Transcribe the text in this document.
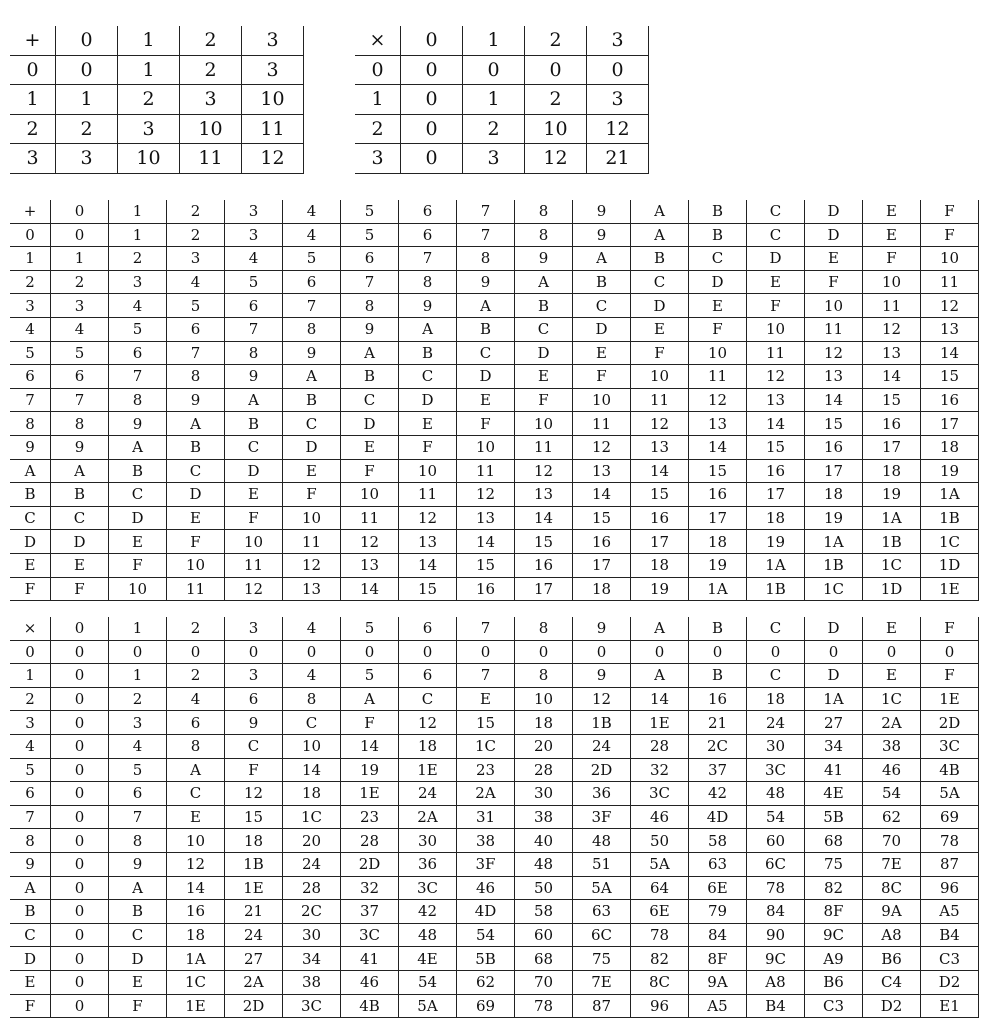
+	0	1	2	3
0	0	1	2	3
1	1	2	3	10
2	2	3	10	11
3	3	10	11	12
×	0	1	2	3
0	0	0	0	0
1	0	1	2	3
2	0	2	10	12
3	0	3	12	21
+	0	1	2	3	4	5	6	7	8	9	A	B	C	D	E	F
0	0	1	2	3	4	5	6	7	8	9	A	B	C	D	E	F
1	1	2	3	4	5	6	7	8	9	A	B	C	D	E	F	10
2	2	3	4	5	6	7	8	9	A	B	C	D	E	F	10	11
3	3	4	5	6	7	8	9	A	B	C	D	E	F	10	11	12
4	4	5	6	7	8	9	A	B	C	D	E	F	10	11	12	13
5	5	6	7	8	9	A	B	C	D	E	F	10	11	12	13	14
6	6	7	8	9	A	B	C	D	E	F	10	11	12	13	14	15
7	7	8	9	A	B	C	D	E	F	10	11	12	13	14	15	16
8	8	9	A	B	C	D	E	F	10	11	12	13	14	15	16	17
9	9	A	B	C	D	E	F	10	11	12	13	14	15	16	17	18
A	A	B	C	D	E	F	10	11	12	13	14	15	16	17	18	19
B	B	C	D	E	F	10	11	12	13	14	15	16	17	18	19	1A
C	C	D	E	F	10	11	12	13	14	15	16	17	18	19	1A	1B
D	D	E	F	10	11	12	13	14	15	16	17	18	19	1A	1B	1C
E	E	F	10	11	12	13	14	15	16	17	18	19	1A	1B	1C	1D
F	F	10	11	12	13	14	15	16	17	18	19	1A	1B	1C	1D	1E
×	0	1	2	3	4	5	6	7	8	9	A	B	C	D	E	F
0	0	0	0	0	0	0	0	0	0	0	0	0	0	0	0	0
1	0	1	2	3	4	5	6	7	8	9	A	B	C	D	E	F
2	0	2	4	6	8	A	C	E	10	12	14	16	18	1A	1C	1E
3	0	3	6	9	C	F	12	15	18	1B	1E	21	24	27	2A	2D
4	0	4	8	C	10	14	18	1C	20	24	28	2C	30	34	38	3C
5	0	5	A	F	14	19	1E	23	28	2D	32	37	3C	41	46	4B
6	0	6	C	12	18	1E	24	2A	30	36	3C	42	48	4E	54	5A
7	0	7	E	15	1C	23	2A	31	38	3F	46	4D	54	5B	62	69
8	0	8	10	18	20	28	30	38	40	48	50	58	60	68	70	78
9	0	9	12	1B	24	2D	36	3F	48	51	5A	63	6C	75	7E	87
A	0	A	14	1E	28	32	3C	46	50	5A	64	6E	78	82	8C	96
B	0	B	16	21	2C	37	42	4D	58	63	6E	79	84	8F	9A	A5
C	0	C	18	24	30	3C	48	54	60	6C	78	84	90	9C	A8	B4
D	0	D	1A	27	34	41	4E	5B	68	75	82	8F	9C	A9	B6	C3
E	0	E	1C	2A	38	46	54	62	70	7E	8C	9A	A8	B6	C4	D2
F	0	F	1E	2D	3C	4B	5A	69	78	87	96	A5	B4	C3	D2	E1
